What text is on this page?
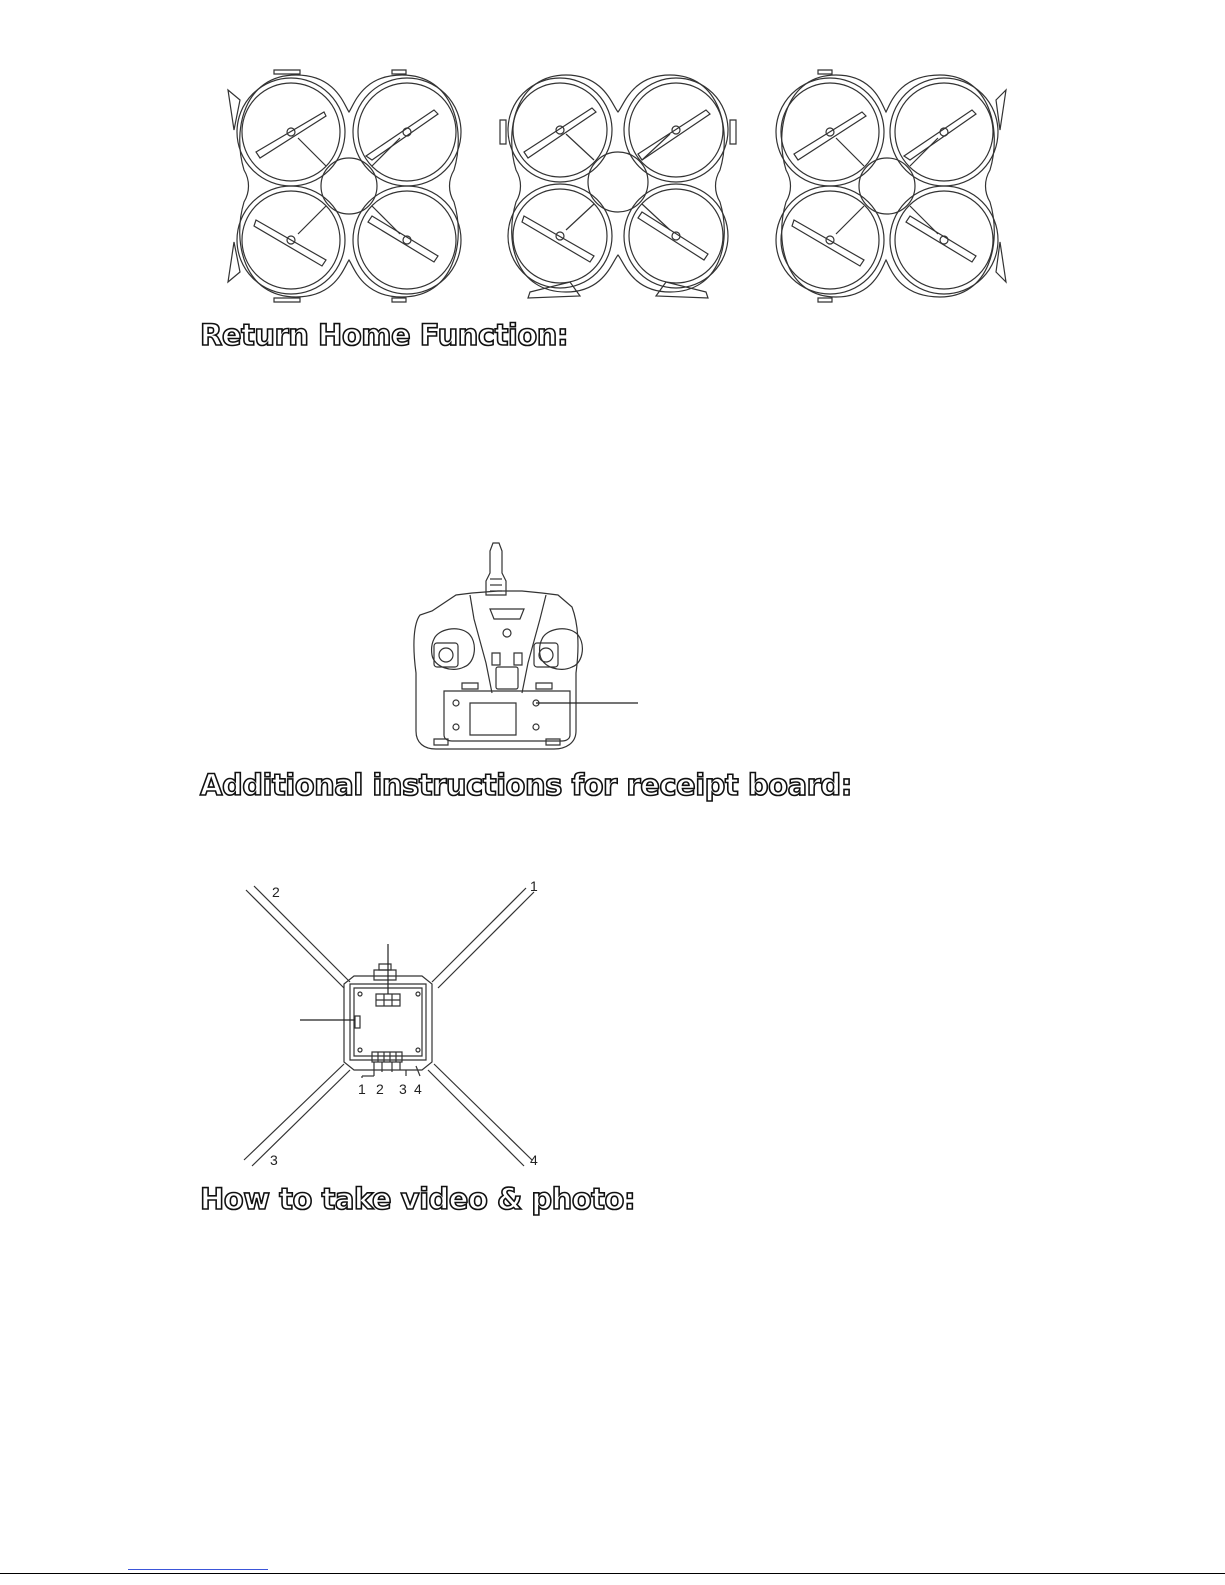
Return Home Function:
Additional instructions for receipt board:
2	1
3	4
1 2 3 4
How to take video & photo:
